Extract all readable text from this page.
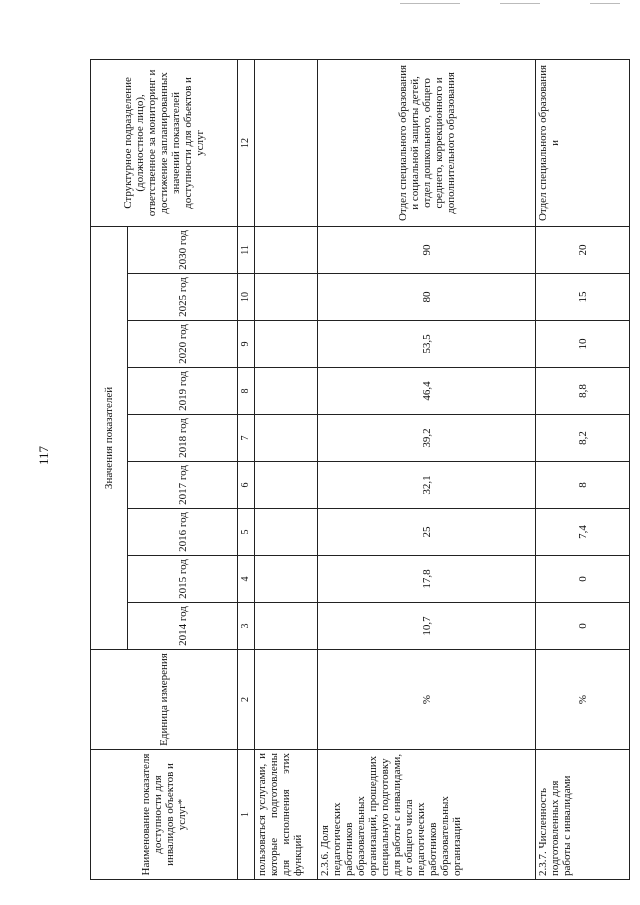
117
Наименование показателя доступности для инвалидов объектов и услуг*	Единица измерения	Значения показателей									Структурное подразделение (должностное лицо), ответственное за мониторинг и достижение запланированных значений показателей доступности для объектов и услуг
		2014 год	2015 год	2016 год	2017 год	2018 год	2019 год	2020 год	2025 год	2030 год	
1	2	3	4	5	6	7	8	9	10	11	12
пользоваться услугами, и которые подготовлены для исполнения этих функций											
2.3.6. Доля педагогических работников образовательных организаций, прошедших специальную подготовку для работы с инвалидами, от общего числа педагогических работников образовательных организаций	%	10,7	17,8	25	32,1	39,2	46,4	53,5	80	90	Отдел специального образования и социальной защиты детей, отдел дошкольного, общего среднего, коррекционного и дополнительного образования
2.3.7. Численность подготовленных для работы с инвалидами	%	0	0	7,4	8	8,2	8,8	10	15	20	Отдел специального образования и
